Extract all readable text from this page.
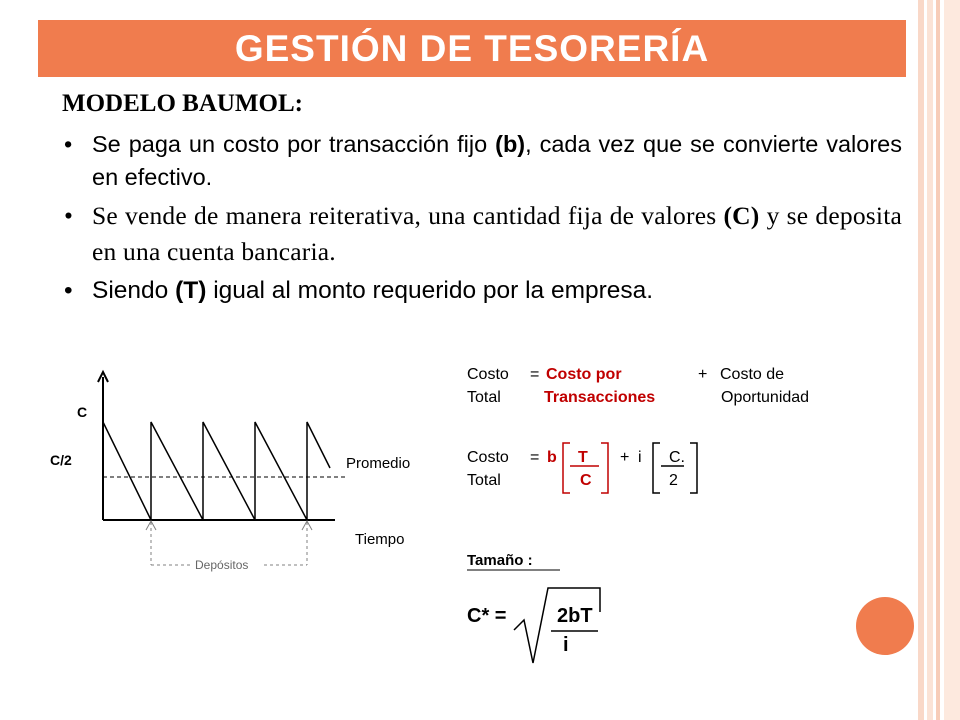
GESTIÓN DE TESORERÍA
MODELO BAUMOL:
• Se paga un costo por transacción fijo (b), cada vez que se convierte valores en efectivo.
• Se vende de manera reiterativa, una cantidad fija de valores (C) y se deposita en una cuenta bancaria.
• Siendo (T) igual al monto requerido por la empresa.
C
C/2	Promedio
Tiempo
Depósitos
Costo = Costo por	+ Costo de
Total	Transacciones	Oportunidad
Costo = b T + i C.
Total	C	2
Tamaño :
C* =	2bT
i
